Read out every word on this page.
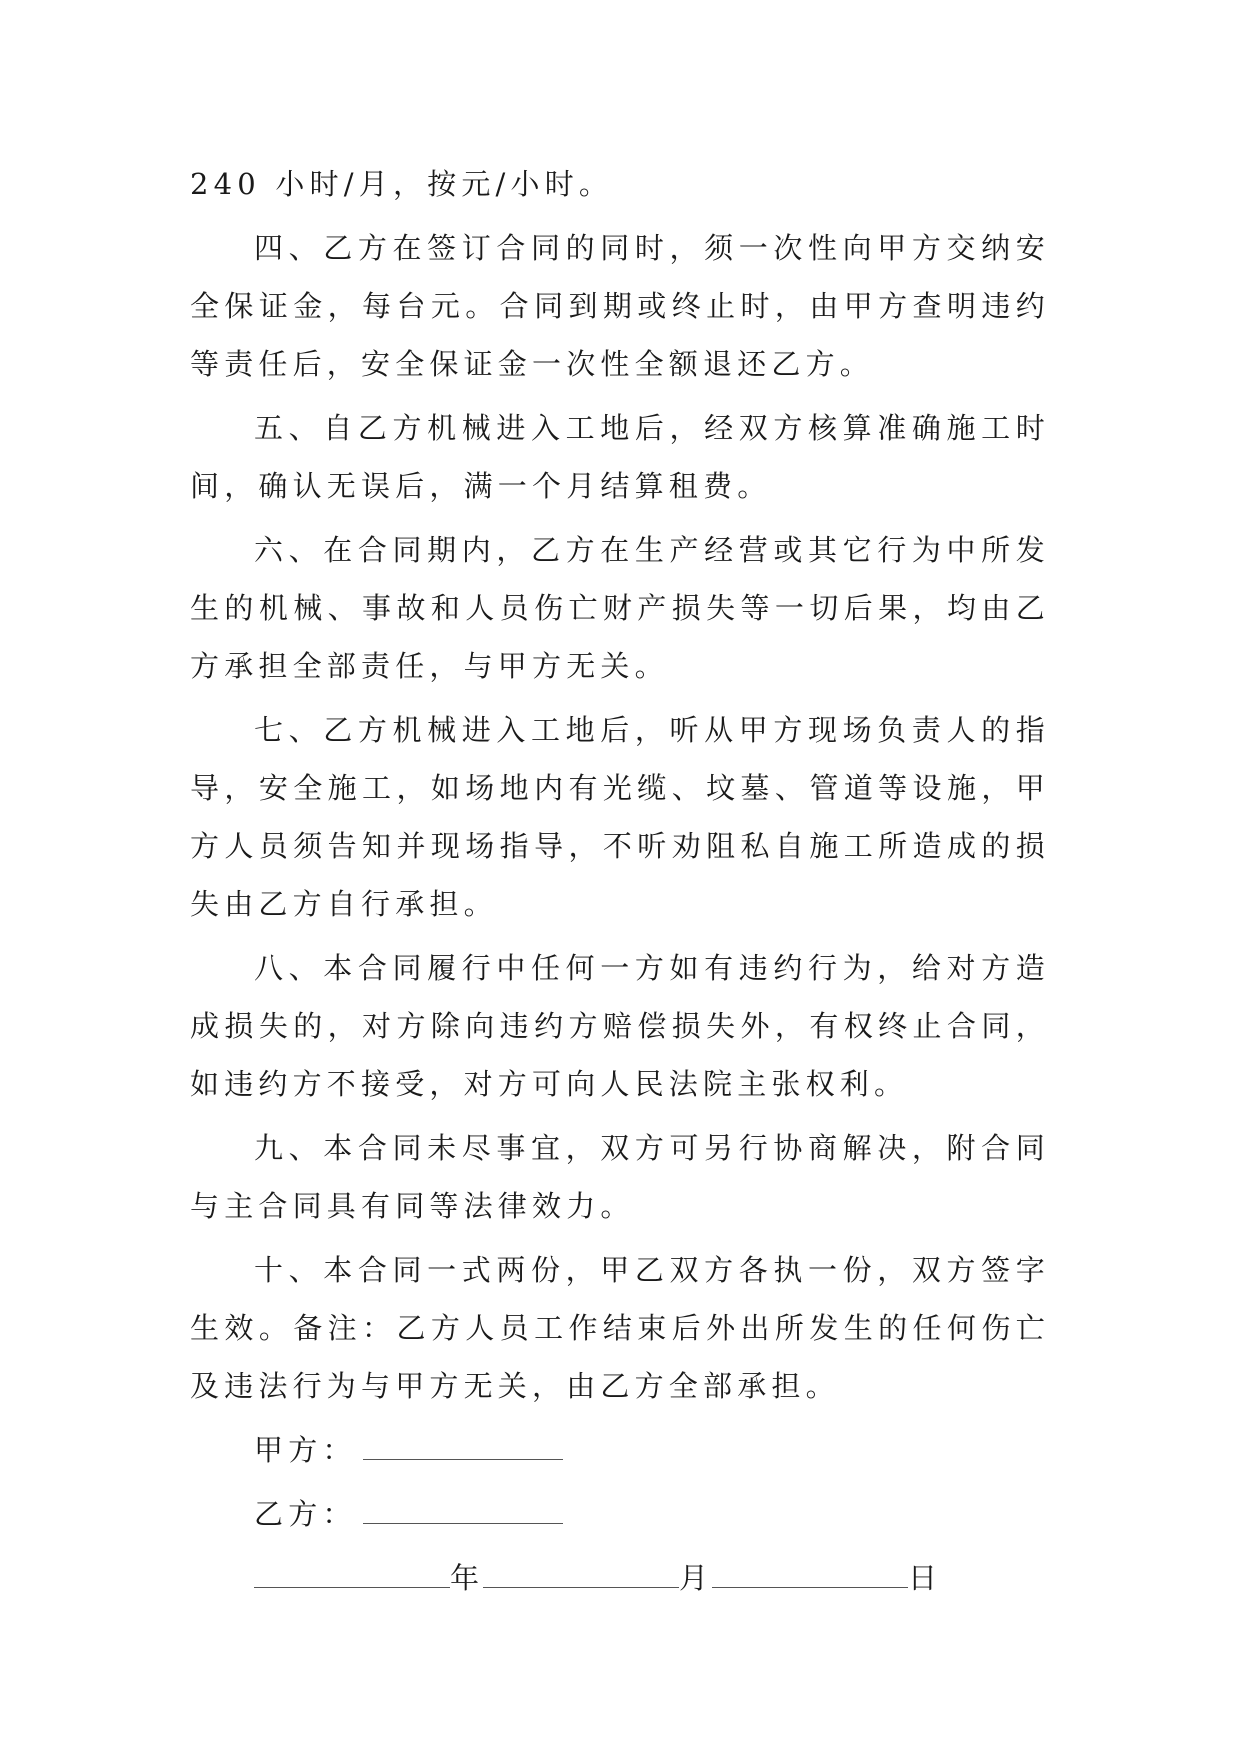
240 小时/月，按元/小时。

四、乙方在签订合同的同时，须一次性向甲方交纳安全保证金，每台元。合同到期或终止时，由甲方查明违约等责任后，安全保证金一次性全额退还乙方。

五、自乙方机械进入工地后，经双方核算准确施工时间，确认无误后，满一个月结算租费。

六、在合同期内，乙方在生产经营或其它行为中所发生的机械、事故和人员伤亡财产损失等一切后果，均由乙方承担全部责任，与甲方无关。

七、乙方机械进入工地后，听从甲方现场负责人的指导，安全施工，如场地内有光缆、坟墓、管道等设施，甲方人员须告知并现场指导，不听劝阻私自施工所造成的损失由乙方自行承担。

八、本合同履行中任何一方如有违约行为，给对方造成损失的，对方除向违约方赔偿损失外，有权终止合同，如违约方不接受，对方可向人民法院主张权利。

九、本合同未尽事宜，双方可另行协商解决，附合同与主合同具有同等法律效力。

十、本合同一式两份，甲乙双方各执一份，双方签字生效。备注：乙方人员工作结束后外出所发生的任何伤亡及违法行为与甲方无关，由乙方全部承担。

甲方：
乙方：
年	月	日
